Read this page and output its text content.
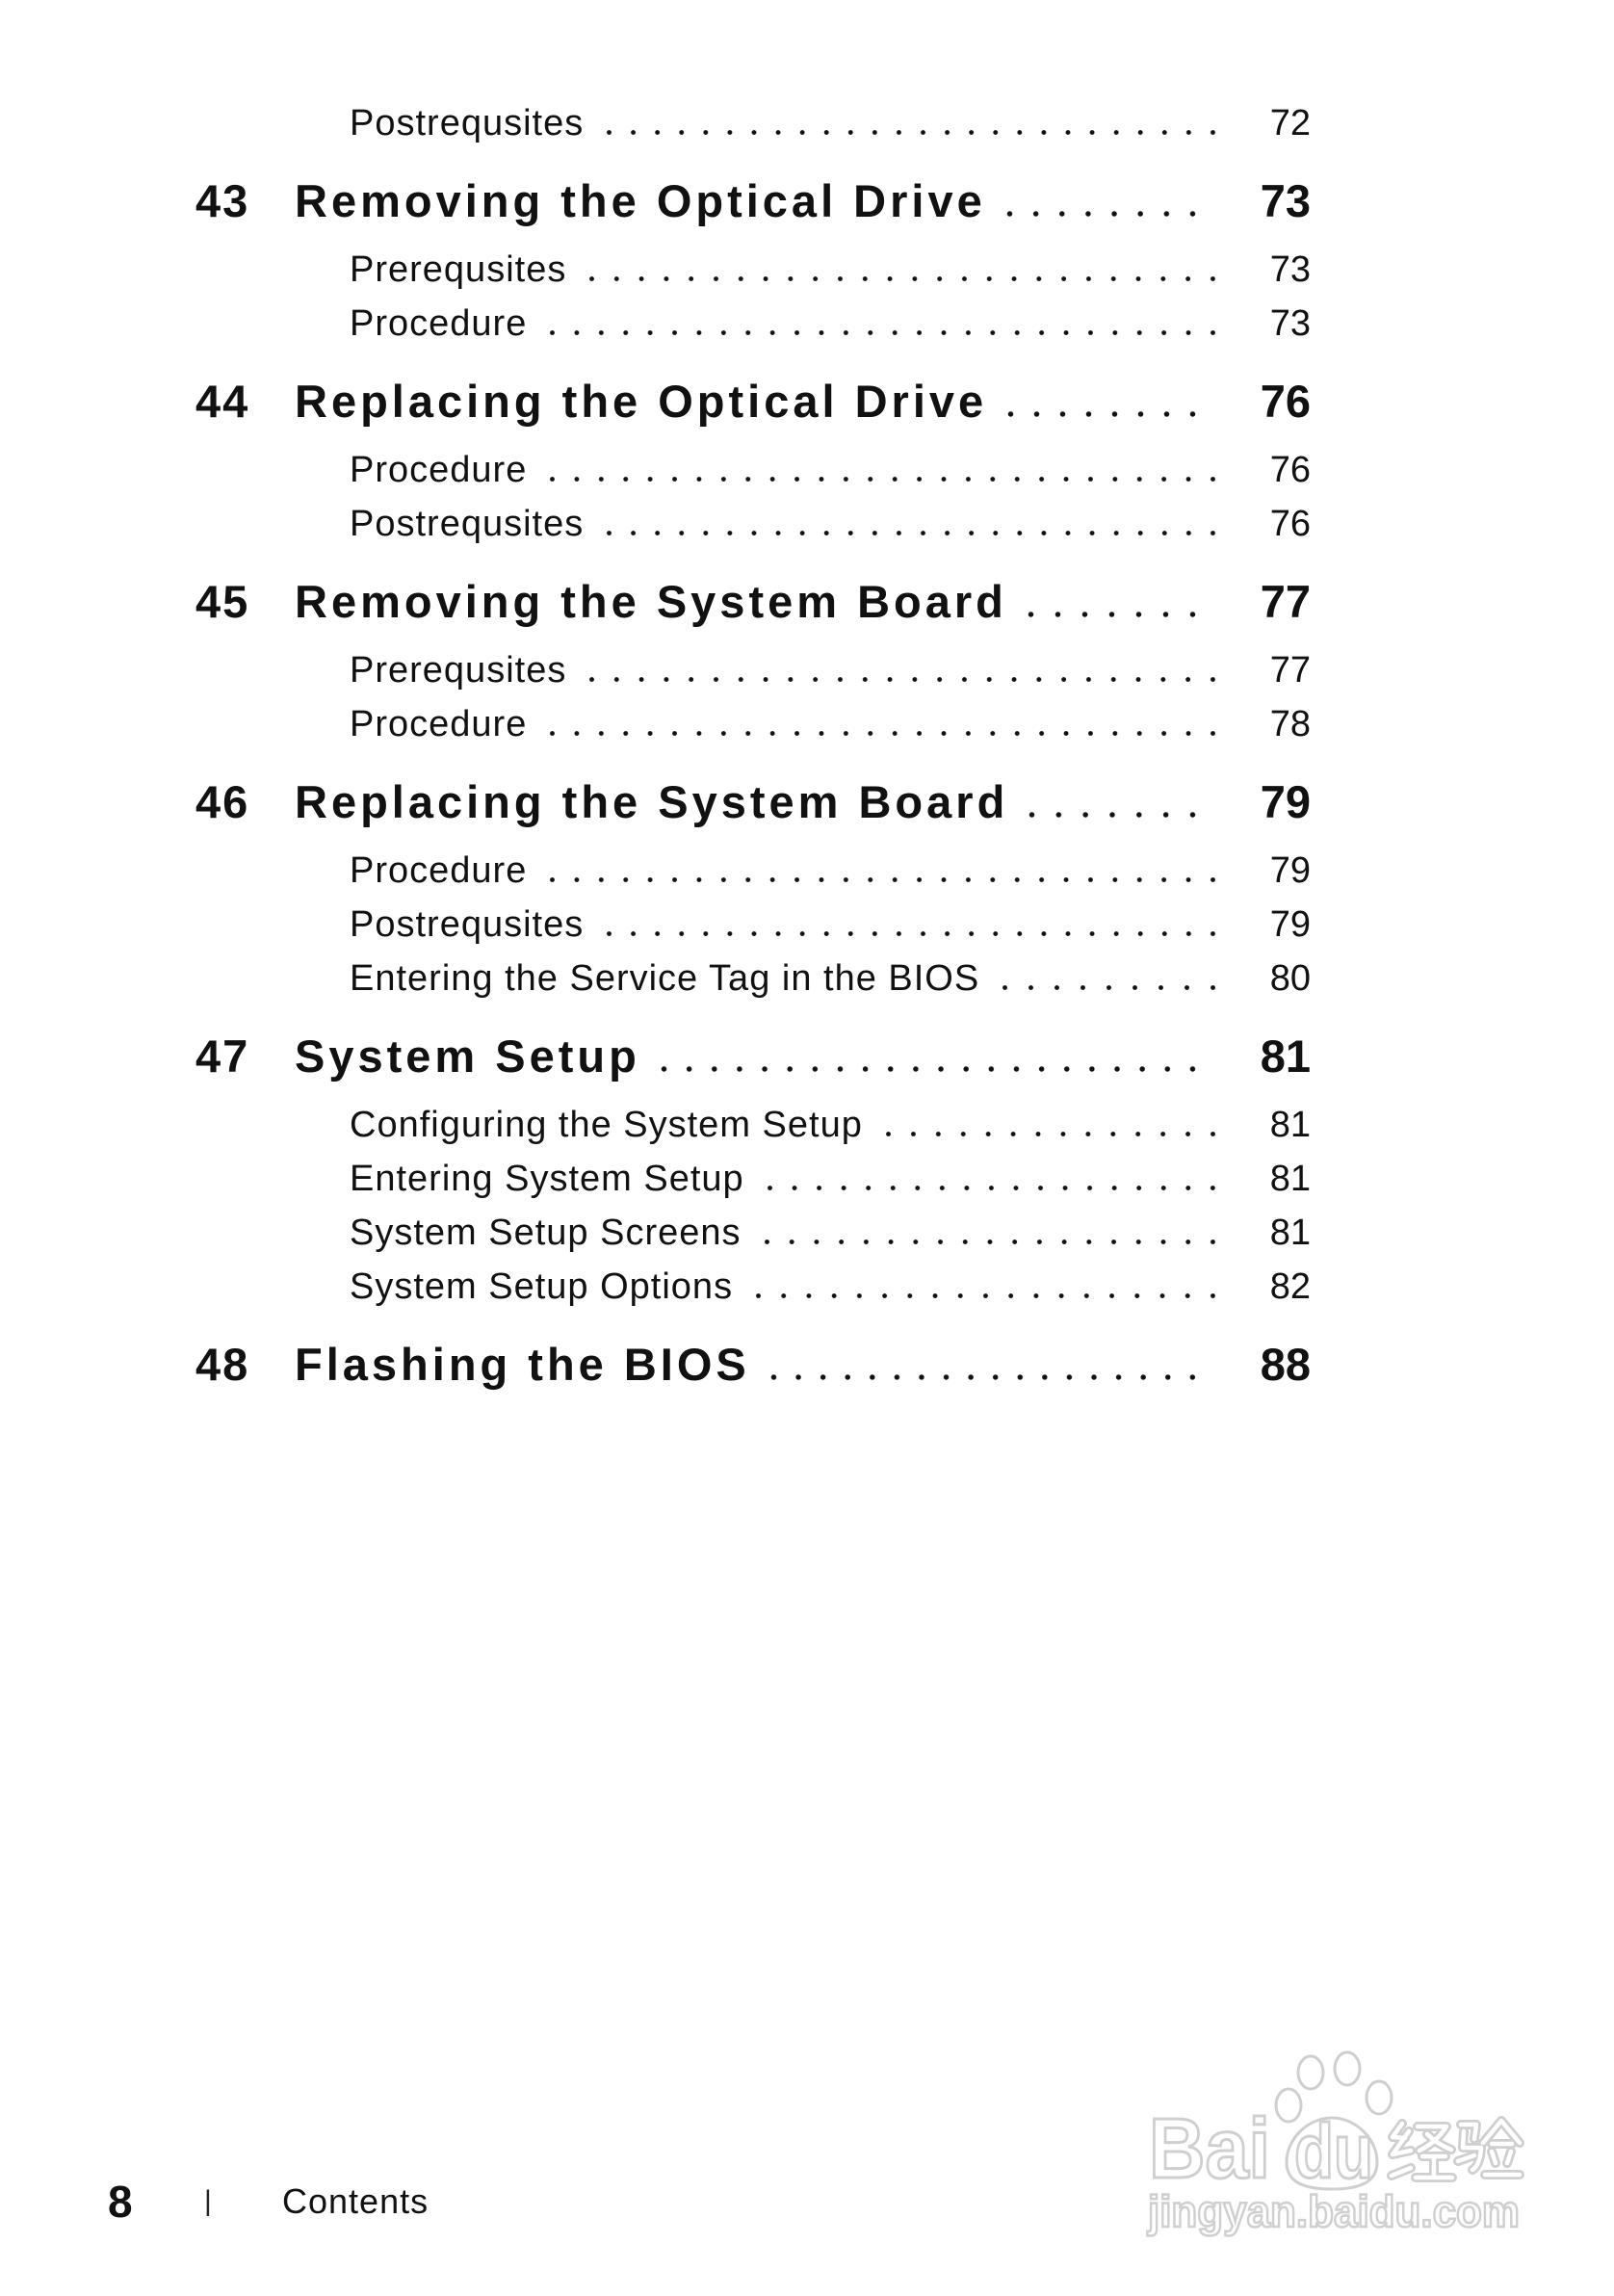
Postrequsites	72
43 Removing the Optical Drive	73
Prerequsites	73
Procedure	73
44 Replacing the Optical Drive	76
Procedure	76
Postrequsites	76
45 Removing the System Board	77
Prerequsites	77
Procedure	78
46 Replacing the System Board	79
Procedure	79
Postrequsites	79
Entering the Service Tag in the BIOS	80
47 System Setup	81
Configuring the System Setup	81
Entering System Setup	81
System Setup Screens	81
System Setup Options	82
48 Flashing the BIOS	88
8 | Contents
Bai du
jingyan.baidu.com
